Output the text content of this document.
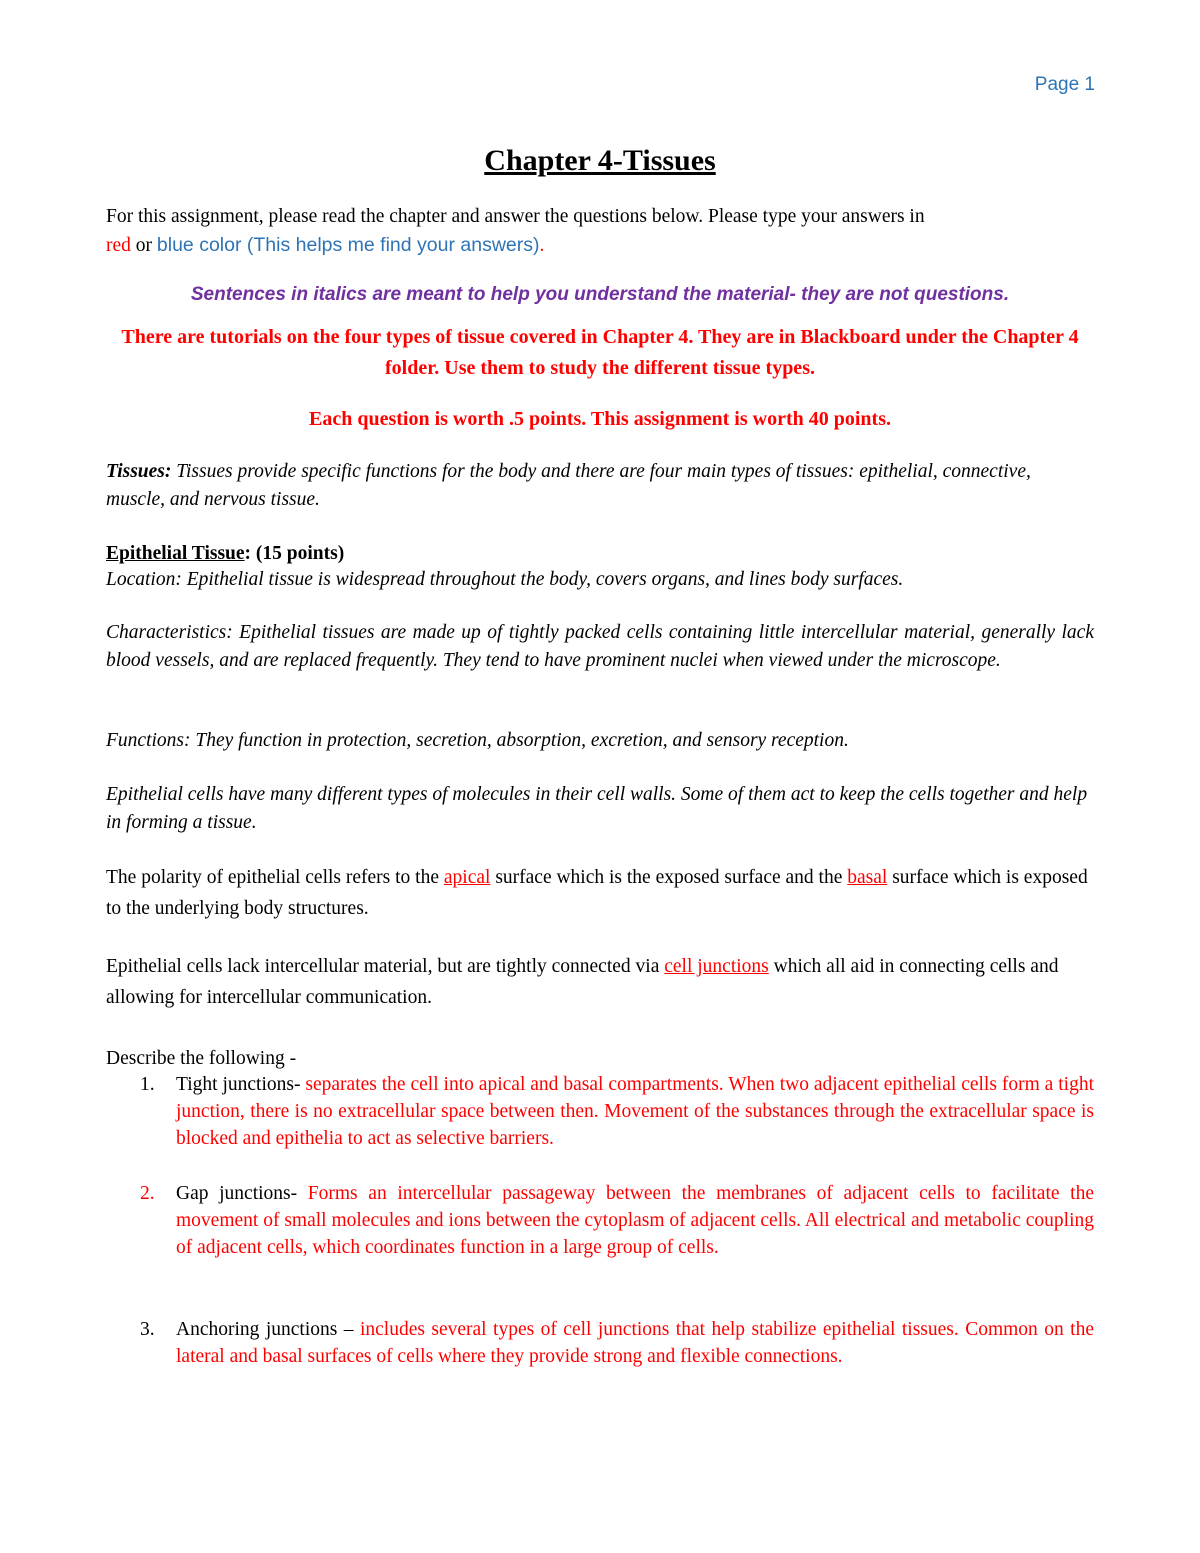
Page 1
Chapter 4-Tissues
For this assignment, please read the chapter and answer the questions below. Please type your answers in
red or blue color (This helps me find your answers).
Sentences in italics are meant to help you understand the material- they are not questions.
There are tutorials on the four types of tissue covered in Chapter 4. They are in Blackboard under the Chapter 4 folder. Use them to study the different tissue types.
Each question is worth .5 points. This assignment is worth 40 points.
Tissues: Tissues provide specific functions for the body and there are four main types of tissues: epithelial, connective, muscle, and nervous tissue.
Epithelial Tissue: (15 points)
Location: Epithelial tissue is widespread throughout the body, covers organs, and lines body surfaces.
Characteristics: Epithelial tissues are made up of tightly packed cells containing little intercellular material, generally lack blood vessels, and are replaced frequently. They tend to have prominent nuclei when viewed under the microscope.
Functions: They function in protection, secretion, absorption, excretion, and sensory reception.
Epithelial cells have many different types of molecules in their cell walls. Some of them act to keep the cells together and help in forming a tissue.
The polarity of epithelial cells refers to the apical surface which is the exposed surface and the basal surface which is exposed to the underlying body structures.
Epithelial cells lack intercellular material, but are tightly connected via cell junctions which all aid in connecting cells and allowing for intercellular communication.
Describe the following -
1. Tight junctions- separates the cell into apical and basal compartments. When two adjacent epithelial cells form a tight junction, there is no extracellular space between then. Movement of the substances through the extracellular space is blocked and epithelia to act as selective barriers.
2. Gap junctions- Forms an intercellular passageway between the membranes of adjacent cells to facilitate the movement of small molecules and ions between the cytoplasm of adjacent cells. All electrical and metabolic coupling of adjacent cells, which coordinates function in a large group of cells.
3. Anchoring junctions – includes several types of cell junctions that help stabilize epithelial tissues. Common on the lateral and basal surfaces of cells where they provide strong and flexible connections.
